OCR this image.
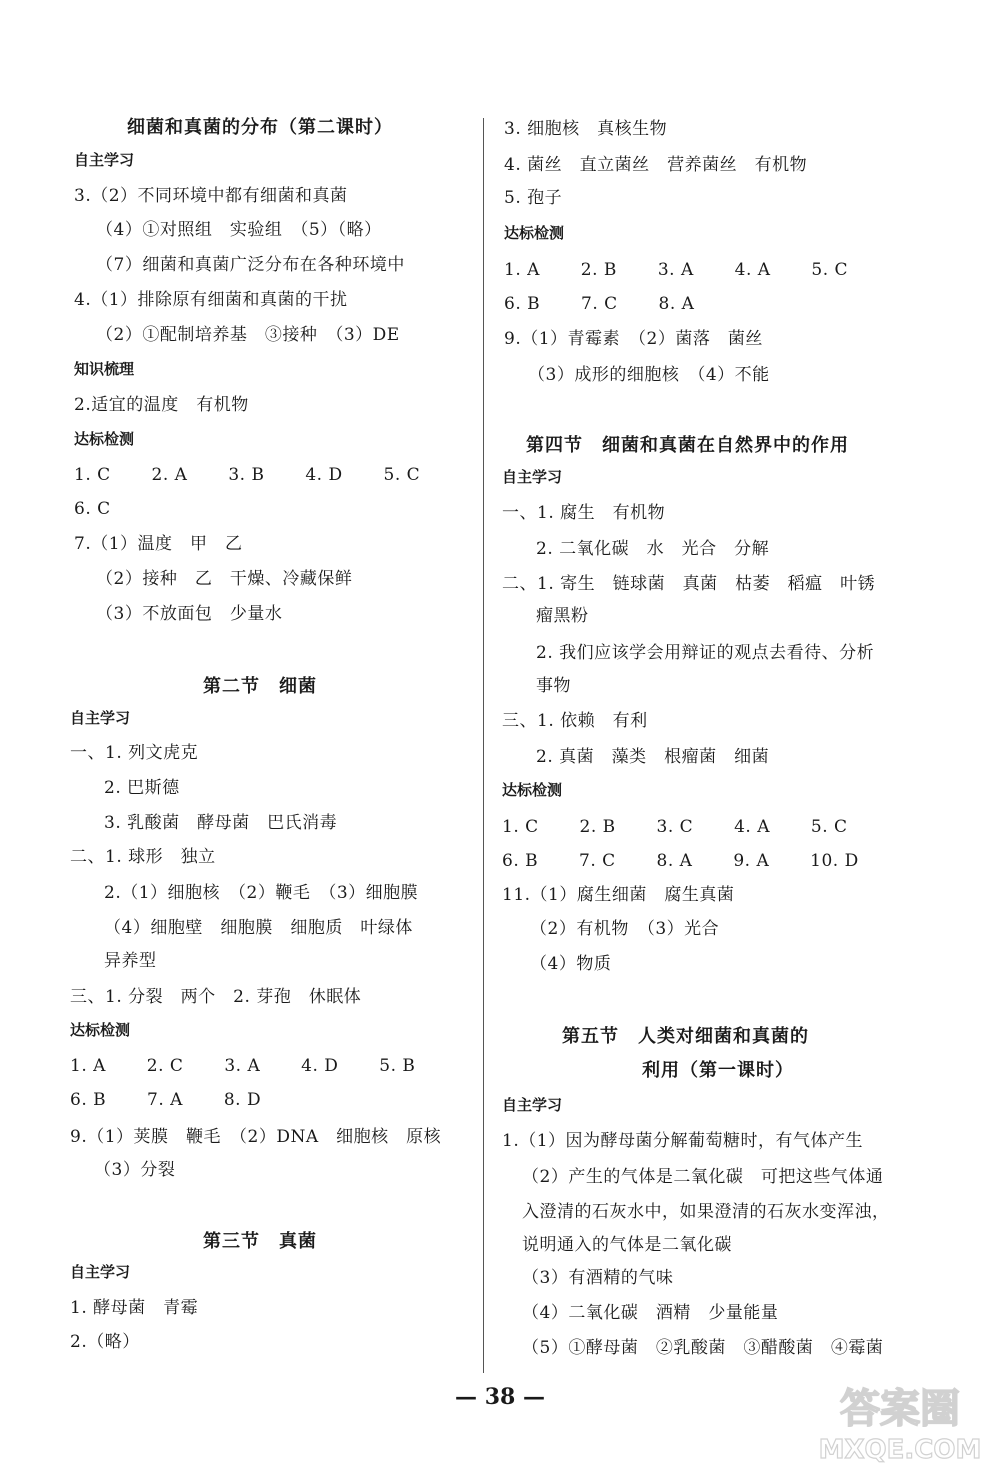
细菌和真菌的分布（第二课时）
自主学习
3.（2）不同环境中都有细菌和真菌
（4）①对照组　实验组　（5）（略）
（7）细菌和真菌广泛分布在各种环境中
4.（1）排除原有细菌和真菌的干扰
（2）①配制培养基　③接种　（3）DE
知识梳理
2.适宜的温度　有机物
达标检测
1. C　　 2. A　　 3. B　　 4. D　　 5. C
6. C
7.（1）温度　甲　乙
（2）接种　乙　干燥、冷藏保鲜
（3）不放面包　少量水
第二节　细菌
自主学习
一、1. 列文虎克
2. 巴斯德
3. 乳酸菌　酵母菌　巴氏消毒
二、1. 球形　独立
2.（1）细胞核　（2）鞭毛　（3）细胞膜
（4）细胞壁　细胞膜　细胞质　叶绿体
异养型
三、1. 分裂　两个　2. 芽孢　休眠体
达标检测
1. A　　 2. C　　 3. A　　 4. D　　 5. B
6. B　　 7. A　　 8. D
9.（1）荚膜　鞭毛　（2）DNA　细胞核　原核
（3）分裂
第三节　真菌
自主学习
1. 酵母菌　青霉
2.（略）
3. 细胞核　真核生物
4. 菌丝　直立菌丝　营养菌丝　有机物
5. 孢子
达标检测
1. A　　 2. B　　 3. A　　 4. A　　 5. C
6. B　　 7. C　　 8. A
9.（1）青霉素　（2）菌落　菌丝
（3）成形的细胞核　（4）不能
第四节　细菌和真菌在自然界中的作用
自主学习
一、1. 腐生　有机物
2. 二氧化碳　水　光合　分解
二、1. 寄生　链球菌　真菌　枯萎　稻瘟　叶锈
瘤黑粉
2. 我们应该学会用辩证的观点去看待、分析
事物
三、1. 依赖　有利
2. 真菌　藻类　根瘤菌　细菌
达标检测
1. C　　 2. B　　 3. C　　 4. A　　 5. C
6. B　　 7. C　　 8. A　　 9. A　　 10. D
11.（1）腐生细菌　腐生真菌
（2）有机物　（3）光合
（4）物质
第五节　人类对细菌和真菌的
利用（第一课时）
自主学习
1.（1）因为酵母菌分解葡萄糖时，有气体产生
（2）产生的气体是二氧化碳　可把这些气体通
入澄清的石灰水中，如果澄清的石灰水变浑浊，
说明通入的气体是二氧化碳
（3）有酒精的气味
（4）二氧化碳　酒精　少量能量
（5）①酵母菌　②乳酸菌　③醋酸菌　④霉菌
— 38 —	答案圈
MXQE.COM
